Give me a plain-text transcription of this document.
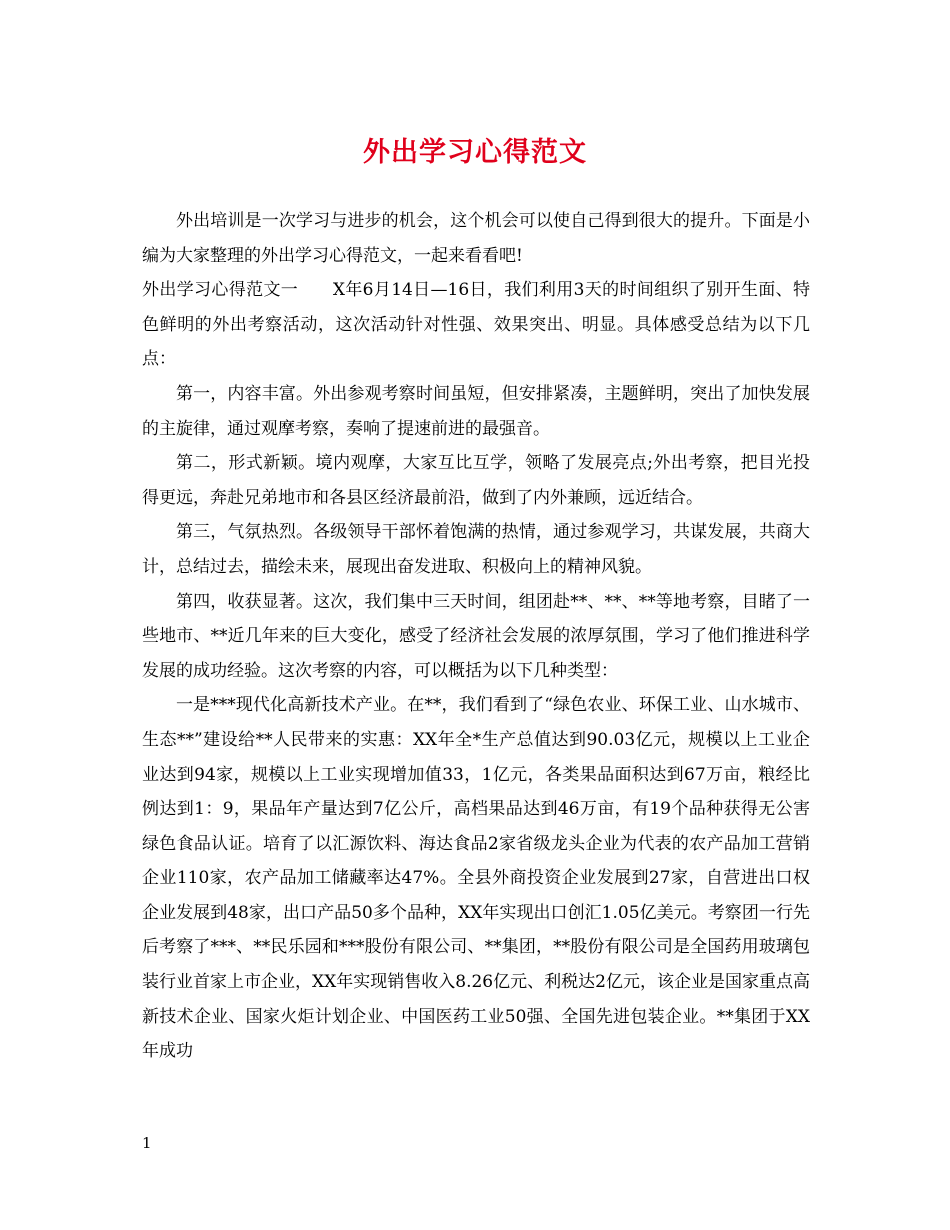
外出学习心得范文

外出培训是一次学习与进步的机会，这个机会可以使自己得到很大的提升。下面是小编为大家整理的外出学习心得范文，一起来看看吧!

外出学习心得范文一　　X年6月14日—16日，我们利用3天的时间组织了别开生面、特色鲜明的外出考察活动，这次活动针对性强、效果突出、明显。具体感受总结为以下几点：

第一，内容丰富。外出参观考察时间虽短，但安排紧凑，主题鲜明，突出了加快发展的主旋律，通过观摩考察，奏响了提速前进的最强音。

第二，形式新颖。境内观摩，大家互比互学，领略了发展亮点;外出考察，把目光投得更远，奔赴兄弟地市和各县区经济最前沿，做到了内外兼顾，远近结合。

第三，气氛热烈。各级领导干部怀着饱满的热情，通过参观学习，共谋发展，共商大计，总结过去，描绘未来，展现出奋发进取、积极向上的精神风貌。

第四，收获显著。这次，我们集中三天时间，组团赴**、**、**等地考察，目睹了一些地市、**近几年来的巨大变化，感受了经济社会发展的浓厚氛围，学习了他们推进科学发展的成功经验。这次考察的内容，可以概括为以下几种类型：

一是***现代化高新技术产业。在**，我们看到了“绿色农业、环保工业、山水城市、生态**”建设给**人民带来的实惠：XX年全*生产总值达到90.03亿元，规模以上工业企业达到94家，规模以上工业实现增加值33，1亿元，各类果品面积达到67万亩，粮经比例达到1：9，果品年产量达到7亿公斤，高档果品达到46万亩，有19个品种获得无公害绿色食品认证。培育了以汇源饮料、海达食品2家省级龙头企业为代表的农产品加工营销企业110家，农产品加工储藏率达47%。全县外商投资企业发展到27家，自营进出口权企业发展到48家，出口产品50多个品种，XX年实现出口创汇1.05亿美元。考察团一行先后考察了***、**民乐园和***股份有限公司、**集团，**股份有限公司是全国药用玻璃包装行业首家上市企业，XX年实现销售收入8.26亿元、利税达2亿元，该企业是国家重点高新技术企业、国家火炬计划企业、中国医药工业50强、全国先进包装企业。**集团于XX年成功

1
